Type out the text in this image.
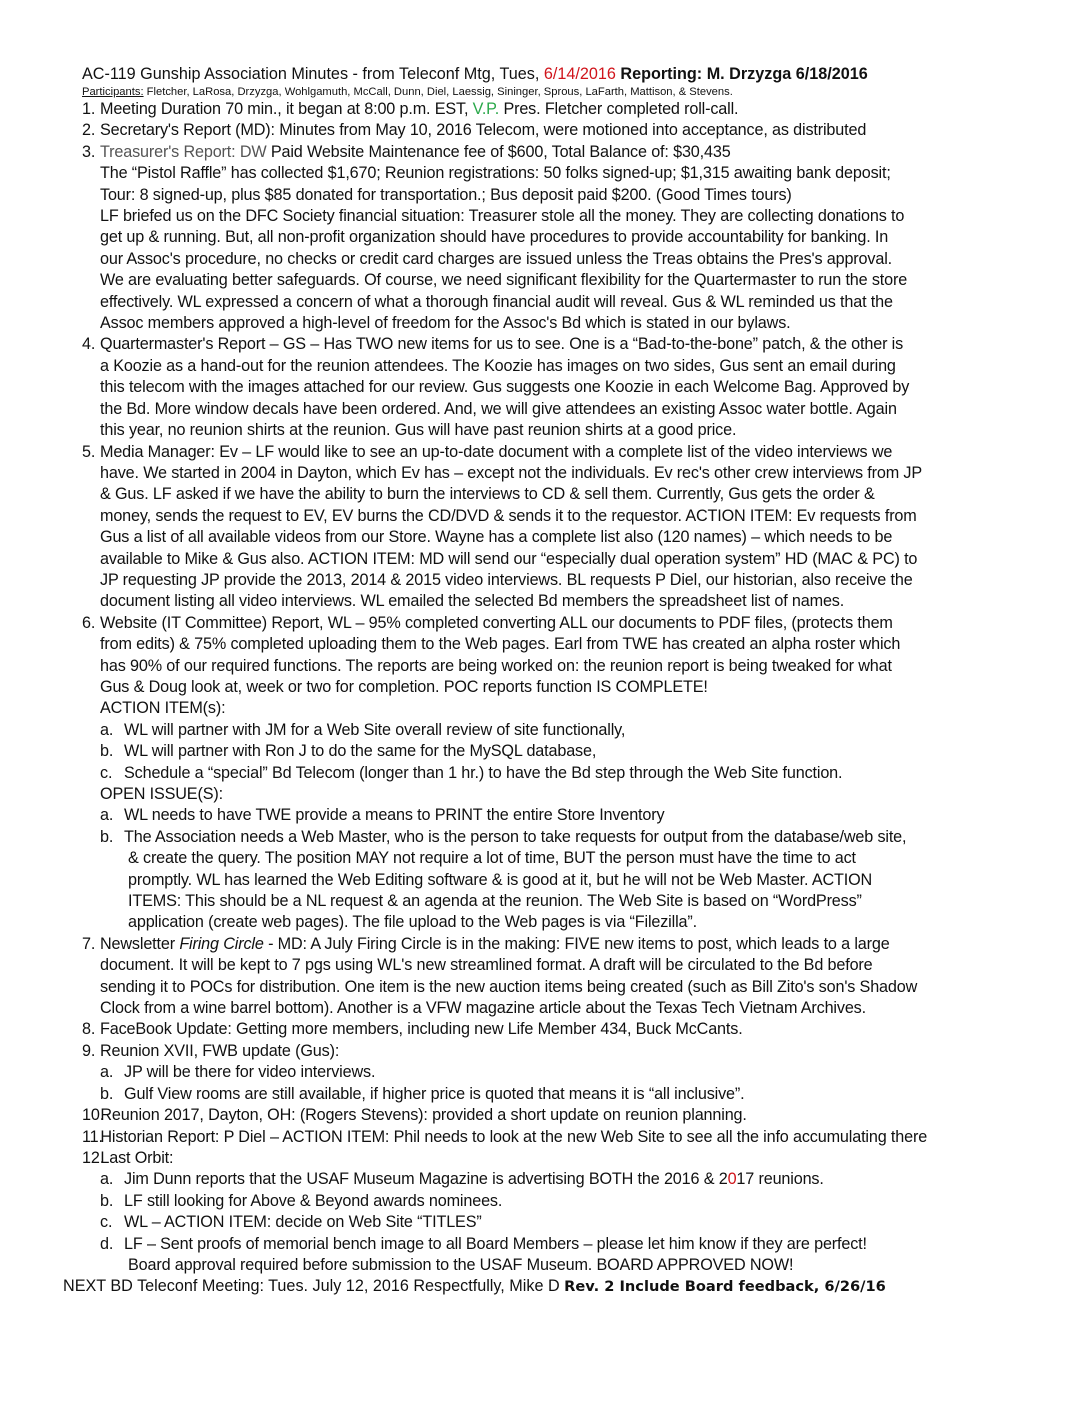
AC-119 Gunship Association Minutes - from Teleconf Mtg, Tues, 6/14/2016 Reporting: M. Drzyzga 6/18/2016
Participants: Fletcher, LaRosa, Drzyzga, Wohlgamuth, McCall, Dunn, Diel, Laessig, Sininger, Sprous, LaFarth, Mattison, & Stevens.
1. Meeting Duration 70 min., it began at 8:00 p.m. EST, V.P. Pres. Fletcher completed roll-call.
2. Secretary's Report (MD): Minutes from May 10, 2016 Telecom, were motioned into acceptance, as distributed
3. Treasurer's Report: DW Paid Website Maintenance fee of $600, Total Balance of: $30,435
The “Pistol Raffle” has collected $1,670; Reunion registrations: 50 folks signed-up; $1,315 awaiting bank deposit;
Tour: 8 signed-up, plus $85 donated for transportation.; Bus deposit paid $200. (Good Times tours)
LF briefed us on the DFC Society financial situation: Treasurer stole all the money. They are collecting donations to
get up & running. But, all non-profit organization should have procedures to provide accountability for banking. In
our Assoc's procedure, no checks or credit card charges are issued unless the Treas obtains the Pres's approval.
We are evaluating better safeguards. Of course, we need significant flexibility for the Quartermaster to run the store
effectively. WL expressed a concern of what a thorough financial audit will reveal. Gus & WL reminded us that the
Assoc members approved a high-level of freedom for the Assoc's Bd which is stated in our bylaws.
4. Quartermaster's Report – GS – Has TWO new items for us to see. One is a “Bad-to-the-bone” patch, & the other is
a Koozie as a hand-out for the reunion attendees. The Koozie has images on two sides, Gus sent an email during
this telecom with the images attached for our review. Gus suggests one Koozie in each Welcome Bag. Approved by
the Bd. More window decals have been ordered. And, we will give attendees an existing Assoc water bottle. Again
this year, no reunion shirts at the reunion. Gus will have past reunion shirts at a good price.
5. Media Manager: Ev – LF would like to see an up-to-date document with a complete list of the video interviews we
have. We started in 2004 in Dayton, which Ev has – except not the individuals. Ev rec's other crew interviews from JP
& Gus. LF asked if we have the ability to burn the interviews to CD & sell them. Currently, Gus gets the order &
money, sends the request to EV, EV burns the CD/DVD & sends it to the requestor. ACTION ITEM: Ev requests from
Gus a list of all available videos from our Store. Wayne has a complete list also (120 names) – which needs to be
available to Mike & Gus also. ACTION ITEM: MD will send our “especially dual operation system” HD (MAC & PC) to
JP requesting JP provide the 2013, 2014 & 2015 video interviews. BL requests P Diel, our historian, also receive the
document listing all video interviews. WL emailed the selected Bd members the spreadsheet list of names.
6. Website (IT Committee) Report, WL – 95% completed converting ALL our documents to PDF files, (protects them
from edits) & 75% completed uploading them to the Web pages. Earl from TWE has created an alpha roster which
has 90% of our required functions. The reports are being worked on: the reunion report is being tweaked for what
Gus & Doug look at, week or two for completion. POC reports function IS COMPLETE!
ACTION ITEM(s):
a. WL will partner with JM for a Web Site overall review of site functionally,
b. WL will partner with Ron J to do the same for the MySQL database,
c. Schedule a “special” Bd Telecom (longer than 1 hr.) to have the Bd step through the Web Site function.
OPEN ISSUE(S):
a. WL needs to have TWE provide a means to PRINT the entire Store Inventory
b. The Association needs a Web Master, who is the person to take requests for output from the database/web site,
& create the query. The position MAY not require a lot of time, BUT the person must have the time to act
promptly. WL has learned the Web Editing software & is good at it, but he will not be Web Master. ACTION
ITEMS: This should be a NL request & an agenda at the reunion. The Web Site is based on “WordPress”
application (create web pages). The file upload to the Web pages is via “Filezilla”.
7. Newsletter Firing Circle - MD: A July Firing Circle is in the making: FIVE new items to post, which leads to a large
document. It will be kept to 7 pgs using WL's new streamlined format. A draft will be circulated to the Bd before
sending it to POCs for distribution. One item is the new auction items being created (such as Bill Zito's son's Shadow
Clock from a wine barrel bottom). Another is a VFW magazine article about the Texas Tech Vietnam Archives.
8. FaceBook Update: Getting more members, including new Life Member 434, Buck McCants.
9. Reunion XVII, FWB update (Gus):
a. JP will be there for video interviews.
b. Gulf View rooms are still available, if higher price is quoted that means it is “all inclusive”.
10. Reunion 2017, Dayton, OH: (Rogers Stevens): provided a short update on reunion planning.
11. Historian Report: P Diel – ACTION ITEM: Phil needs to look at the new Web Site to see all the info accumulating there
12. Last Orbit:
a. Jim Dunn reports that the USAF Museum Magazine is advertising BOTH the 2016 & 2017 reunions.
b. LF still looking for Above & Beyond awards nominees.
c. WL – ACTION ITEM: decide on Web Site “TITLES”
d. LF – Sent proofs of memorial bench image to all Board Members – please let him know if they are perfect!
Board approval required before submission to the USAF Museum. BOARD APPROVED NOW!
NEXT BD Teleconf Meeting: Tues. July 12, 2016 Respectfully, Mike D Rev. 2 Include Board feedback, 6/26/16
